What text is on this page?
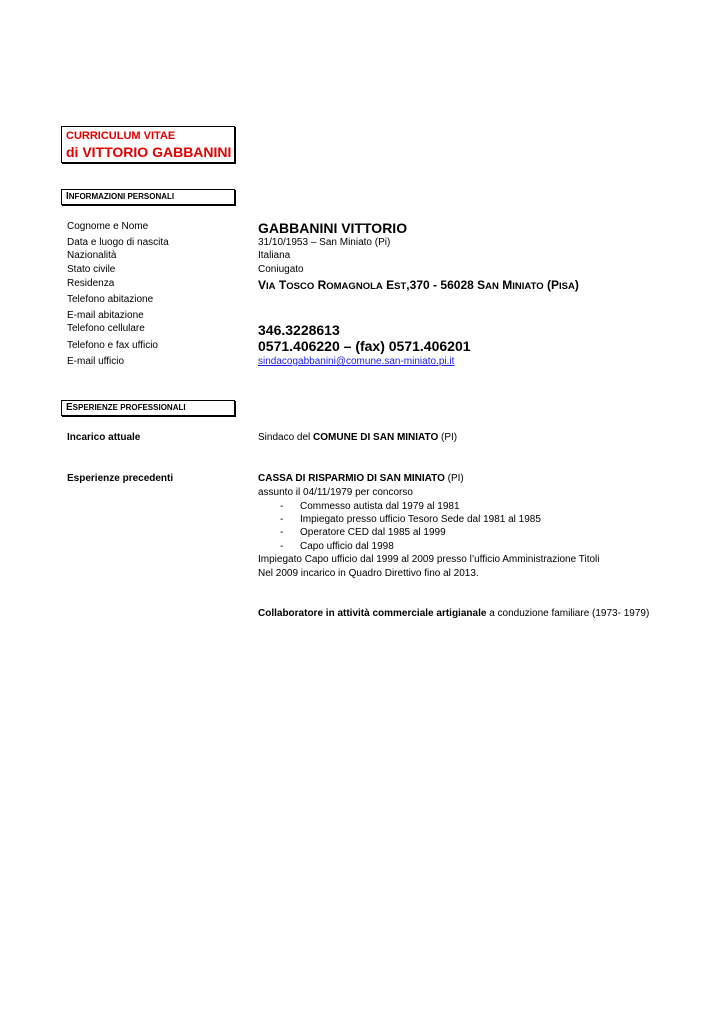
CURRICULUM VITAE
di VITTORIO GABBANINI
INFORMAZIONI PERSONALI
Cognome e Nome	GABBANINI VITTORIO
Data e luogo di nascita	31/10/1953 – San Miniato (Pi)
Nazionalità	Italiana
Stato civile	Coniugato
Residenza	VIA TOSCO ROMAGNOLA EST,370 - 56028 SAN MINIATO (PISA)
Telefono abitazione
E-mail abitazione
Telefono cellulare	346.3228613
Telefono e fax ufficio	0571.406220 – (fax) 0571.406201
E-mail ufficio	sindacogabbanini@comune.san-miniato.pi.it
ESPERIENZE PROFESSIONALI
Incarico attuale	Sindaco del COMUNE DI SAN MINIATO (PI)
Esperienze precedenti	CASSA DI RISPARMIO DI SAN MINIATO (PI)
assunto il 04/11/1979 per concorso
- Commesso autista dal 1979 al 1981
- Impiegato presso ufficio Tesoro Sede dal 1981 al 1985
- Operatore CED dal 1985 al 1999
- Capo ufficio dal 1998
Impiegato Capo ufficio dal 1999 al 2009 presso l’ufficio Amministrazione Titoli
Nel 2009 incarico in Quadro Direttivo fino al 2013.
Collaboratore in attività commerciale artigianale a conduzione familiare (1973- 1979)
